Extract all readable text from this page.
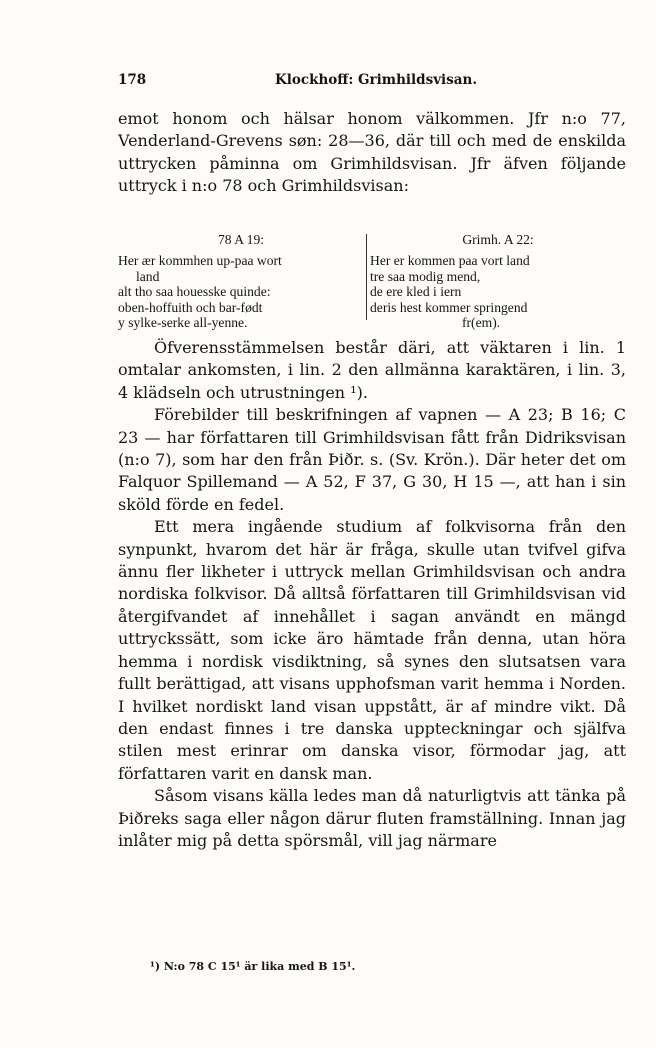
178	Klockhoff: Grimhildsvisan.
emot honom och hälsar honom välkommen. Jfr n:o 77, Venderland-Grevens søn: 28—36, där till och med de enskilda uttrycken påminna om Grimhildsvisan. Jfr äfven följande uttryck i n:o 78 och Grimhildsvisan:
78 A 19:
Her ær kommhen up-paa wort
land
alt tho saa houesske quinde:
oben-hoffuith och bar-født
y sylke-serke all-yenne.
Grimh. A 22:
Her er kommen paa vort land
tre saa modig mend,
de ere kled i iern
deris hest kommer springend
fr(em).

Öfverensstämmelsen består däri, att väktaren i lin. 1 omtalar ankomsten, i lin. 2 den allmänna karaktären, i lin. 3, 4 klädseln och utrustningen ¹).

Förebilder till beskrifningen af vapnen — A 23; B 16; C 23 — har författaren till Grimhildsvisan fått från Didriksvisan (n:o 7), som har den från Þiðr. s. (Sv. Krön.). Där heter det om Falquor Spillemand — A 52, F 37, G 30, H 15 —, att han i sin sköld förde en fedel.

Ett mera ingående studium af folkvisorna från den synpunkt, hvarom det här är fråga, skulle utan tvifvel gifva ännu fler likheter i uttryck mellan Grimhildsvisan och andra nordiska folkvisor. Då alltså författaren till Grimhildsvisan vid återgifvandet af innehållet i sagan användt en mängd uttryckssätt, som icke äro hämtade från denna, utan höra hemma i nordisk visdiktning, så synes den slutsatsen vara fullt berättigad, att visans upphofsman varit hemma i Norden. I hvilket nordiskt land visan uppstått, är af mindre vikt. Då den endast finnes i tre danska uppteckningar och själfva stilen mest erinrar om danska visor, förmodar jag, att författaren varit en dansk man.

Såsom visans källa ledes man då naturligtvis att tänka på Þiðreks saga eller någon därur fluten framställning. Innan jag inlåter mig på detta spörsmål, vill jag närmare

¹) N:o 78 C 15¹ är lika med B 15¹.
